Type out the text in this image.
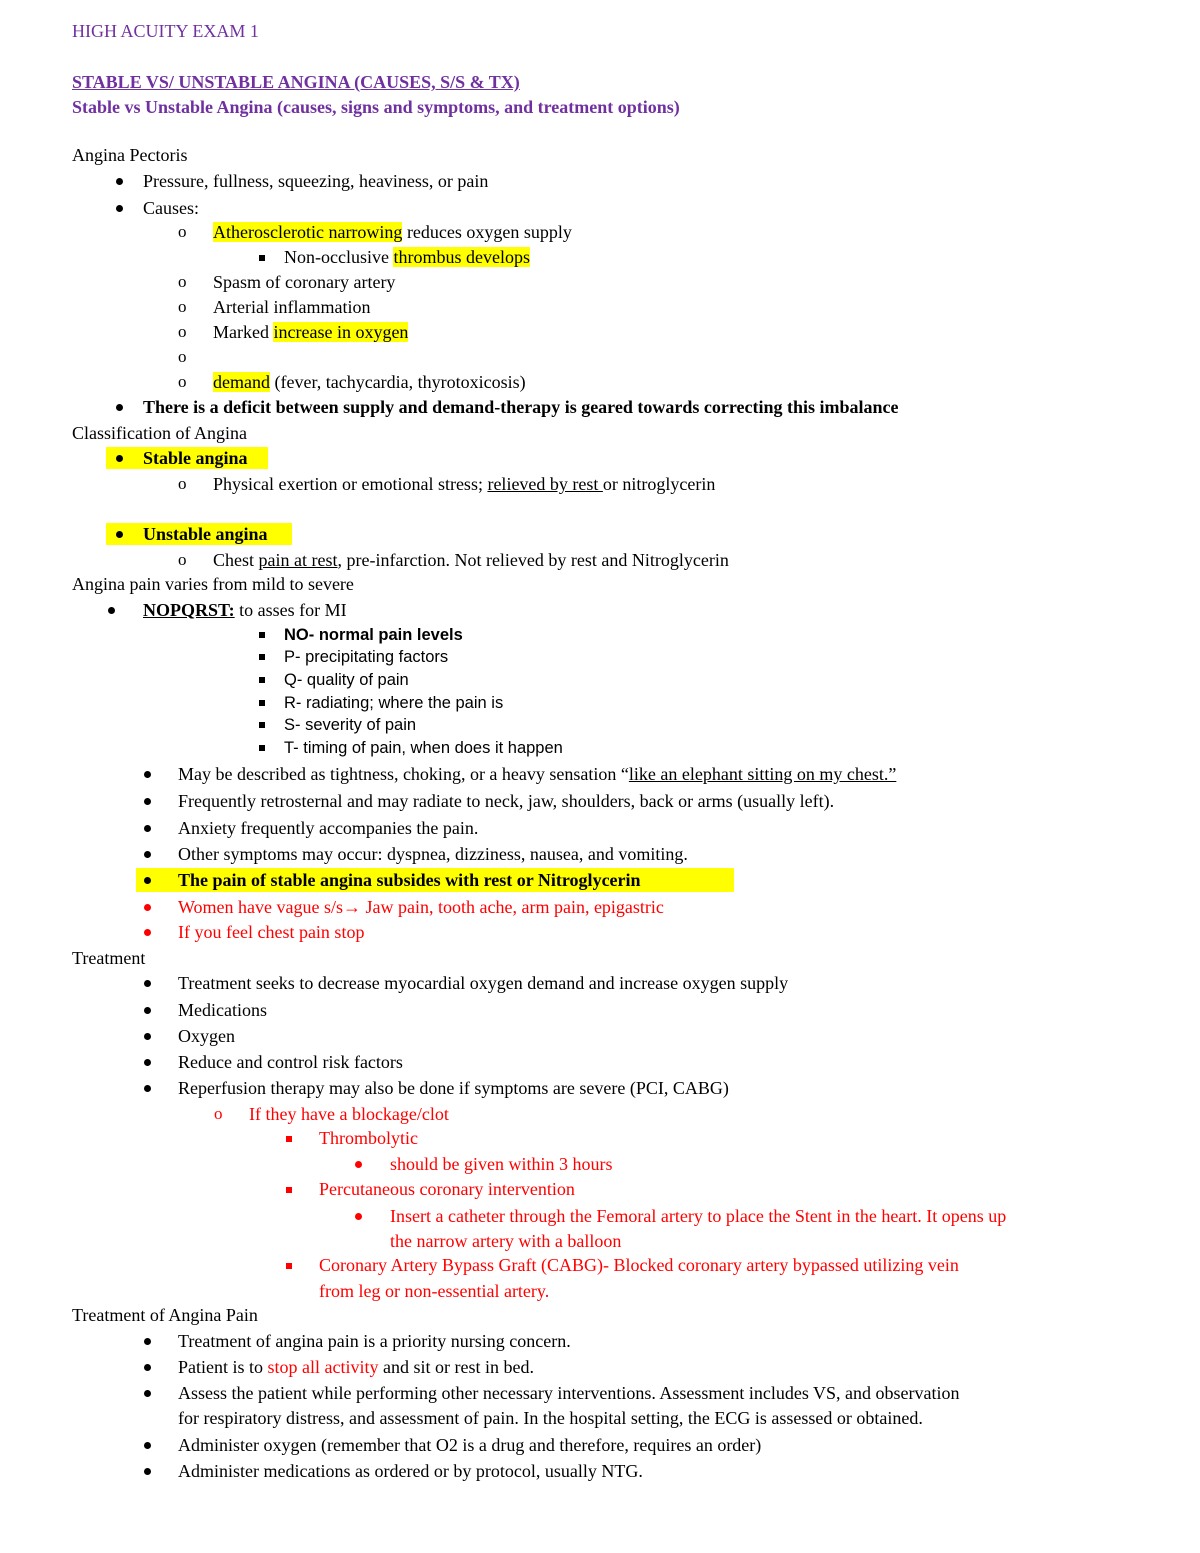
HIGH ACUITY EXAM 1
STABLE VS/ UNSTABLE ANGINA (CAUSES, S/S & TX)
Stable vs Unstable Angina (causes, signs and symptoms, and treatment options)
Angina Pectoris
Pressure, fullness, squeezing, heaviness, or pain
Causes:
o Atherosclerotic narrowing reduces oxygen supply
Non-occlusive thrombus develops
o Spasm of coronary artery
o Arterial inflammation
o Marked increase in oxygen
o
o demand (fever, tachycardia, thyrotoxicosis)
There is a deficit between supply and demand-therapy is geared towards correcting this imbalance
Classification of Angina
Stable angina
o Physical exertion or emotional stress; relieved by rest or nitroglycerin
Unstable angina
o Chest pain at rest, pre-infarction. Not relieved by rest and Nitroglycerin
Angina pain varies from mild to severe
NOPQRST: to asses for MI
NO- normal pain levels
P- precipitating factors
Q- quality of pain
R- radiating; where the pain is
S- severity of pain
T- timing of pain, when does it happen
May be described as tightness, choking, or a heavy sensation “like an elephant sitting on my chest.”
Frequently retrosternal and may radiate to neck, jaw, shoulders, back or arms (usually left).
Anxiety frequently accompanies the pain.
Other symptoms may occur: dyspnea, dizziness, nausea, and vomiting.
The pain of stable angina subsides with rest or Nitroglycerin
Women have vague s/s→ Jaw pain, tooth ache, arm pain, epigastric
If you feel chest pain stop
Treatment
Treatment seeks to decrease myocardial oxygen demand and increase oxygen supply
Medications
Oxygen
Reduce and control risk factors
Reperfusion therapy may also be done if symptoms are severe (PCI, CABG)
o If they have a blockage/clot
Thrombolytic
should be given within 3 hours
Percutaneous coronary intervention
Insert a catheter through the Femoral artery to place the Stent in the heart. It opens up
the narrow artery with a balloon
Coronary Artery Bypass Graft (CABG)- Blocked coronary artery bypassed utilizing vein
from leg or non-essential artery.
Treatment of Angina Pain
Treatment of angina pain is a priority nursing concern.
Patient is to stop all activity and sit or rest in bed.
Assess the patient while performing other necessary interventions. Assessment includes VS, and observation
for respiratory distress, and assessment of pain. In the hospital setting, the ECG is assessed or obtained.
Administer oxygen (remember that O2 is a drug and therefore, requires an order)
Administer medications as ordered or by protocol, usually NTG.
